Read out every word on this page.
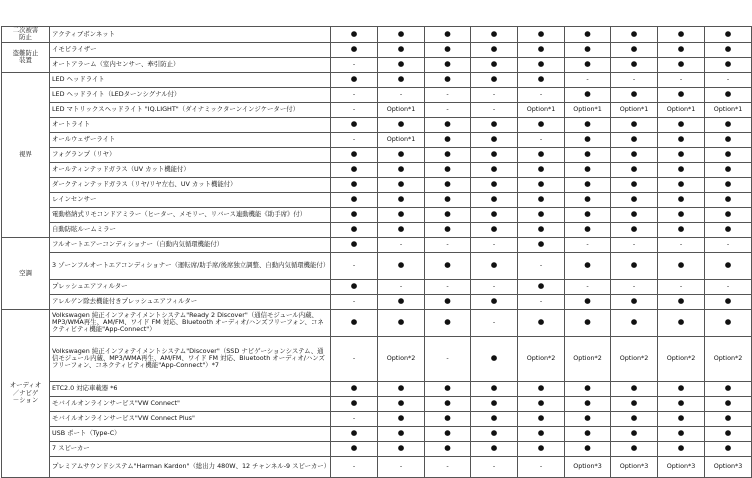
二次被害
防止	アクティブボンネット	●	●	●	●	●	●	●	●	●
盗難防止
装置	イモビライザー	●	●	●	●	●	●	●	●	●
	オートアラーム（室内センサー、牽引防止）	-	●	●	●	●	●	●	●	●
視界	LED ヘッドライト	●	●	●	●	●	-	-	-	-
	LED ヘッドライト（LEDターンシグナル付）	-	-	-	-	-	●	●	●	●
	LED マトリックスヘッドライト "IQ.LIGHT"（ダイナミックターンインジケーター付）	-	Option*1	-	-	Option*1	Option*1	Option*1	Option*1	Option*1
	オートライト	●	●	●	●	●	●	●	●	●
	オールウェザーライト	-	Option*1	●	●	-	●	●	●	●
	フォグランプ（リヤ）	●	●	●	●	●	●	●	●	●
	オールティンテッドガラス（UV カット機能付）	●	●	●	●	●	●	●	●	●
	ダークティンテッドガラス（リヤ/リヤ左右、UV カット機能付）	●	●	●	●	●	●	●	●	●
	レインセンサー	●	●	●	●	●	●	●	●	●
	電動格納式リモコンドアミラー（ヒーター、メモリー、リバース連動機能《助手席》付）	●	●	●	●	●	●	●	●	●
	自動防眩ルームミラー	●	●	●	●	●	●	●	●	●
空調	フルオートエアーコンディショナー（自動内気循環機能付）	●	-	-	-	●	-	-	-	-
	3 ゾーンフルオートエアコンディショナー（運転席/助手席/後席独立調整、自動内気循環機能付）	-	●	●	●	-	●	●	●	●
	プレッシュエアフィルター	●	-	-	-	●	-	-	-	-
	アレルゲン除去機能付きプレッシュエアフィルター	-	●	●	●	-	●	●	●	●
オーディオ
／ナビゲ
－ション	Volkswagen 純正インフォテイメントシステム"Ready 2 Discover"（通信モジュール内蔵、MP3/WMA再生、AM/FM、ワイド FM 対応、Bluetooth オーディオ/ハンズフリーフォン、コネクティビティ機能"App-Connect"）	●	●	●	-	●	●	●	●	●
	Volkswagen 純正インフォテイメントシステム"Discover"（SSD ナビゲーションシステム、通信モジュール内蔵、MP3/WMA再生、AM/FM、ワイド FM 対応、Bluetooth オーディオ/ハンズフリーフォン、コネクティビティ機能"App-Connect"）*7	-	Option*2	-	●	Option*2	Option*2	Option*2	Option*2	Option*2
	ETC2.0 対応車載器 *6	●	●	●	●	●	●	●	●	●
	モバイルオンラインサービス"VW Connect"	●	●	●	●	●	●	●	●	●
	モバイルオンラインサービス"VW Connect Plus"	-	●	●	●	●	●	●	●	●
	USB ポート（Type-C）	●	●	●	●	●	●	●	●	●
	7 スピーカー	●	●	●	●	●	●	●	●	●
	プレミアムサウンドシステム"Harman Kardon"（総出力 480W、12 チャンネル-9 スピーカー）	-	-	-	-	-	Option*3	Option*3	Option*3	Option*3
